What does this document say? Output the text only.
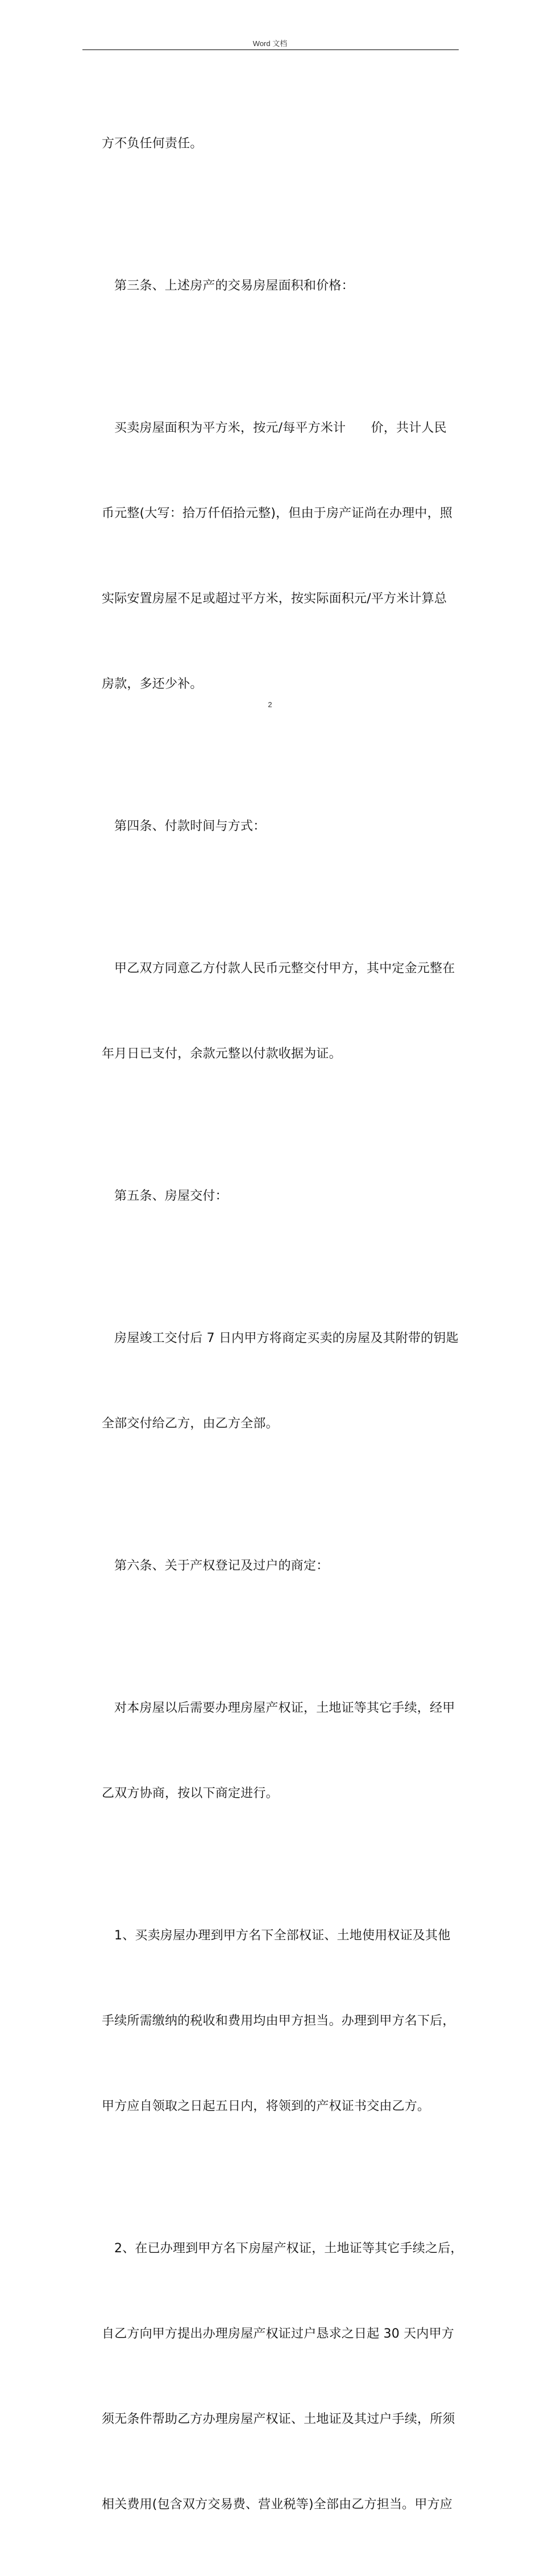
Word 文档

方不负任何责任。

第三条、上述房产的交易房屋面积和价格：

买卖房屋面积为平方米，按元/每平方米计　　价，共计人民

币元整(大写：拾万仟佰拾元整)，但由于房产证尚在办理中，照

实际安置房屋不足或超过平方米，按实际面积元/平方米计算总

房款，多还少补。

第四条、付款时间与方式：

甲乙双方同意乙方付款人民币元整交付甲方，其中定金元整在

年月日已支付，余款元整以付款收据为证。

第五条、房屋交付：

房屋竣工交付后 7 日内甲方将商定买卖的房屋及其附带的钥匙

全部交付给乙方，由乙方全部。

第六条、关于产权登记及过户的商定：

对本房屋以后需要办理房屋产权证，土地证等其它手续，经甲

乙双方协商，按以下商定进行。

1、买卖房屋办理到甲方名下全部权证、土地使用权证及其他

手续所需缴纳的税收和费用均由甲方担当。办理到甲方名下后，

甲方应自领取之日起五日内，将领到的产权证书交由乙方。

2、在已办理到甲方名下房屋产权证，土地证等其它手续之后，

自乙方向甲方提出办理房屋产权证过户恳求之日起 30 天内甲方

须无条件帮助乙方办理房屋产权证、土地证及其过户手续，所须

相关费用(包含双方交易费、营业税等)全部由乙方担当。甲方应

2
